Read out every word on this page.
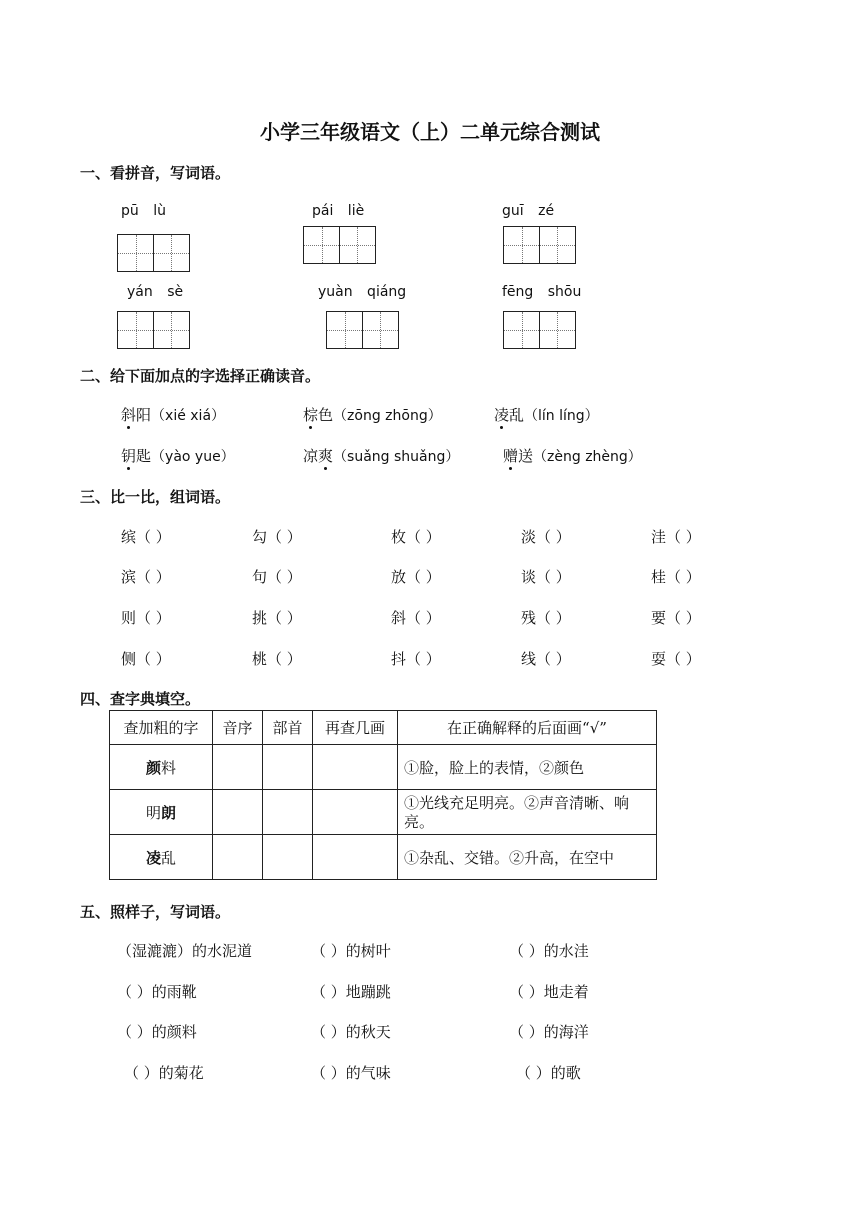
小学三年级语文（上）二单元综合测试
一、看拼音，写词语。
pū lù	pái liè	guī zé
yán sè	yuàn qiáng	fēng shōu
二、给下面加点的字选择正确读音。
斜阳（xié xiá）	棕色（zōng zhōng）	凌乱（lín líng）
钥匙（yào yue）	凉爽（suǎng shuǎng）	赠送（zèng zhèng）
三、比一比，组词语。
缤（ ）	勾（ ）	枚（ ）	淡（ ）	洼（ ）
滨（ ）	句（ ）	放（ ）	谈（ ）	桂（ ）
则（ ）	挑（ ）	斜（ ）	残（ ）	要（ ）
侧（ ）	桃（ ）	抖（ ）	线（ ）	耍（ ）
四、查字典填空。
查加粗的字	音序	部首	再查几画	在正确解释的后面画“√”
颜料				①脸，脸上的表情，②颜色
明朗				①光线充足明亮。②声音清晰、响亮。
凌乱				①杂乱、交错。②升高，在空中
五、照样子，写词语。
（湿漉漉）的水泥道	（ ）的树叶	（ ）的水洼
（ ）的雨靴	（ ）地蹦跳	（ ）地走着
（ ）的颜料	（ ）的秋天	（ ）的海洋
（ ）的菊花	（ ）的气味	（ ）的歌
